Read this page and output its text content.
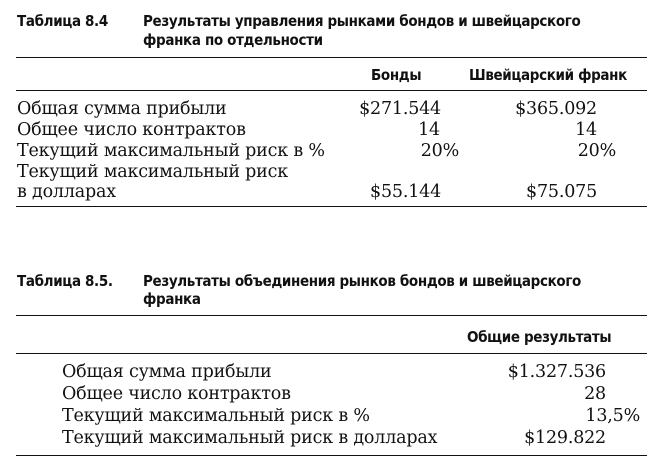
Таблица 8.4 Результаты управления рынками бондов и швейцарского
франка по отдельности
Бонды	Швейцарский франк
Общая сумма прибыли	$271.544	$365.092
Общее число контрактов	14	14
Текущий максимальный риск в %	20%	20%
Текущий максимальный риск
в долларах	$55.144	$75.075
Таблица 8.5. Результаты объединения рынков бондов и швейцарского
франка
Общие результаты
Общая сумма прибыли	$1.327.536
Общее число контрактов	28
Текущий максимальный риск в %	13,5%
Текущий максимальный риск в долларах	$129.822
